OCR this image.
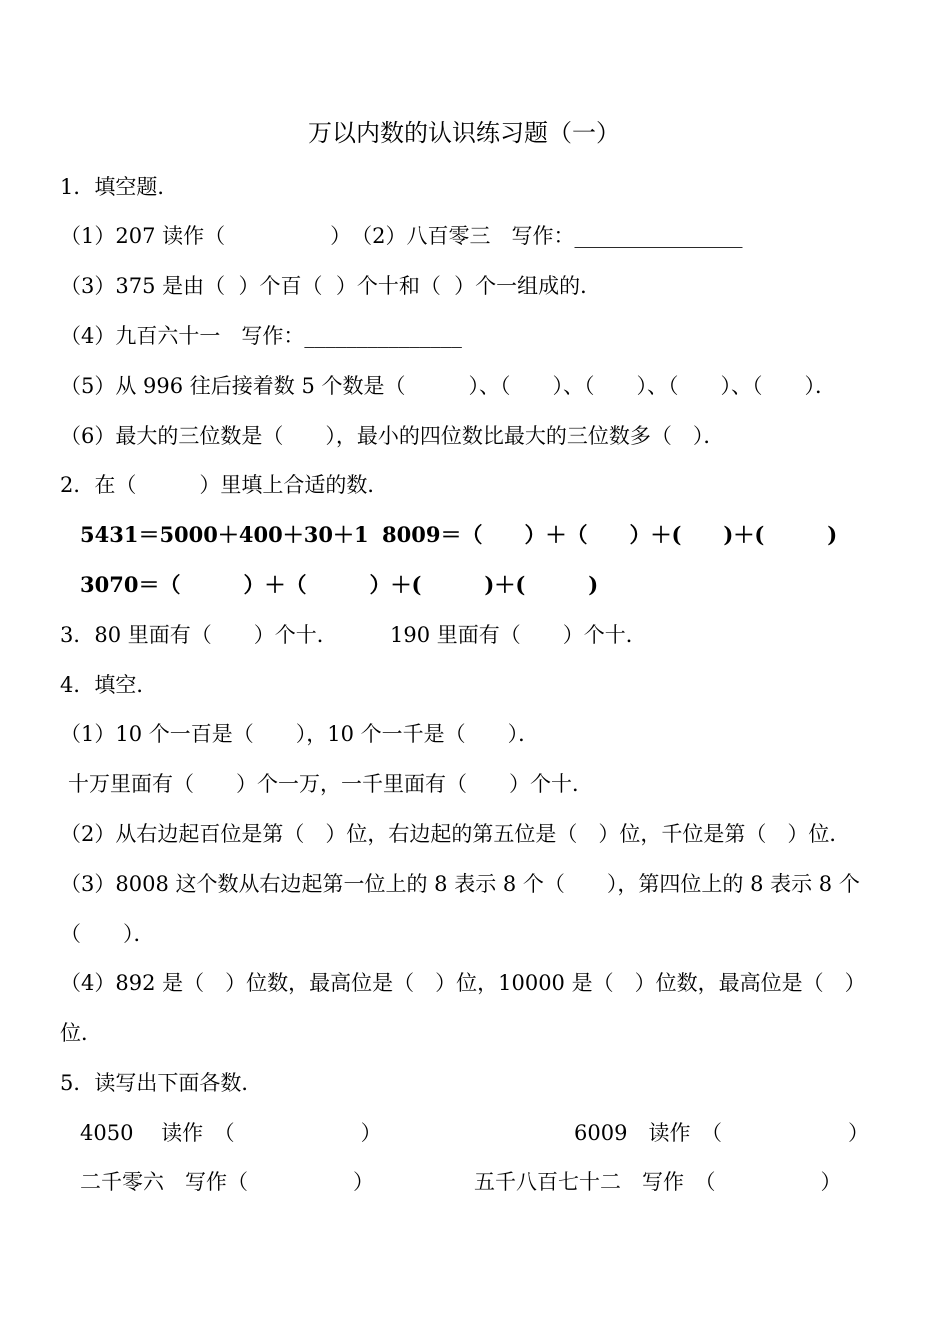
万以内数的认识练习题（一）
1．填空题．
（1）207 读作（　　　　　）　（2）八百零三　写作：________________
（3）375 是由（  ）个百（  ）个十和（  ）个一组成的．
（4）九百六十一　写作：_______________
（5）从 996 往后接着数 5 个数是（　　　）、（　　）、（　　）、（　　）、（　　）．
（6）最大的三位数是（　　），最小的四位数比最大的三位数多（　）．
2．在（　　　）里填上合适的数．
5431＝5000＋400＋30＋1 8009＝（　　）＋（　　）＋(　　)＋(　　　)
3070＝（　　　）＋（　　　）＋(　　　)＋(　　　)
3．80 里面有（　　）个十． 190 里面有（　　）个十．
4．填空．
（1）10 个一百是（　　），10 个一千是（　　）．
十万里面有（　　）个一万，一千里面有（　　）个十．
（2）从右边起百位是第（　）位，右边起的第五位是（　）位，千位是第（　）位．
（3）8008 这个数从右边起第一位上的 8 表示 8 个（　　），第四位上的 8 表示 8 个
（　　）．
（4）892 是（　）位数，最高位是（　）位，10000 是（　）位数，最高位是（　）
位．
5．读写出下面各数．
4050　 读作　（　　　　　　）	6009　读作　（　　　　　　）
二千零六　写作（　　　　　）	五千八百七十二　写作　（　　　　　）
